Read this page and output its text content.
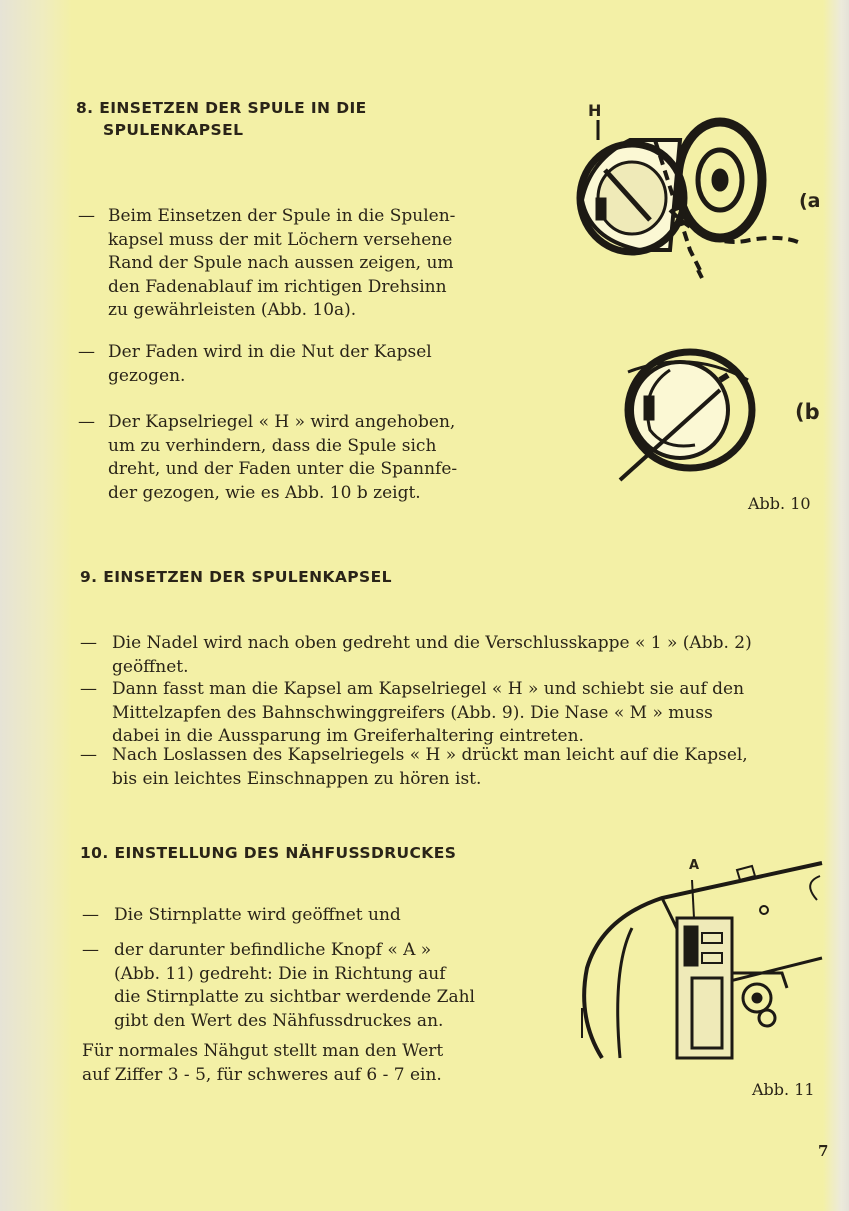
8. EINSETZEN DER SPULE IN DIE
SPULENKAPSEL
— Beim Einsetzen der Spule in die Spulen-
kapsel muss der mit Löchern versehene
Rand der Spule nach aussen zeigen, um
den Fadenablauf im richtigen Drehsinn
zu gewährleisten (Abb. 10a).
— Der Faden wird in die Nut der Kapsel
gezogen.
— Der Kapselriegel « H » wird angehoben,
um zu verhindern, dass die Spule sich
dreht, und der Faden unter die Spannfe-
der gezogen, wie es Abb. 10 b zeigt.
H
(a
(b
Abb. 10
9. EINSETZEN DER SPULENKAPSEL
— Die Nadel wird nach oben gedreht und die Verschlusskappe « 1 » (Abb. 2)
geöffnet.
— Dann fasst man die Kapsel am Kapselriegel « H » und schiebt sie auf den
Mittelzapfen des Bahnschwinggreifers (Abb. 9). Die Nase « M » muss
dabei in die Aussparung im Greiferhaltering eintreten.
— Nach Loslassen des Kapselriegels « H » drückt man leicht auf die Kapsel,
bis ein leichtes Einschnappen zu hören ist.
10. EINSTELLUNG DES NÄHFUSSDRUCKES
— Die Stirnplatte wird geöffnet und
— der darunter befindliche Knopf « A »
(Abb. 11) gedreht: Die in Richtung auf
die Stirnplatte zu sichtbar werdende Zahl
gibt den Wert des Nähfussdruckes an.
Für normales Nähgut stellt man den Wert
auf Ziffer 3 - 5, für schweres auf 6 - 7 ein.
A
Abb. 11
7
